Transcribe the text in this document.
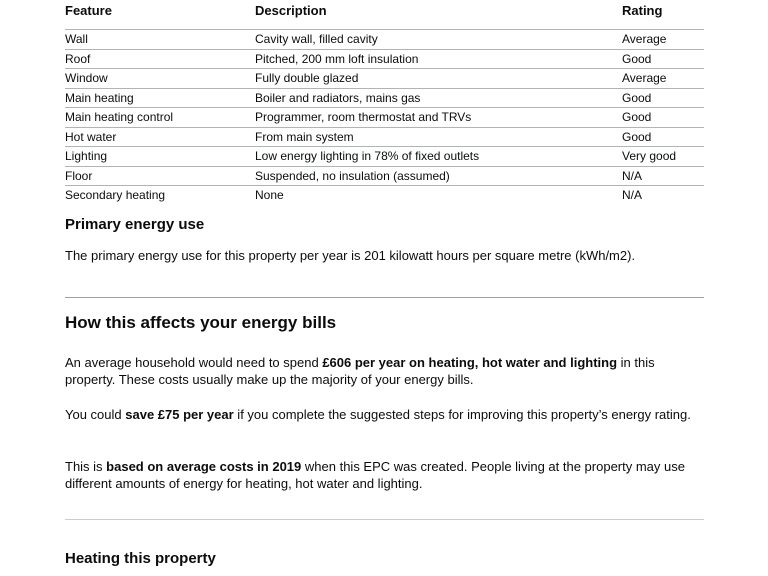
Feature	Description	Rating
Wall	Cavity wall, filled cavity	Average
Roof	Pitched, 200 mm loft insulation	Good
Window	Fully double glazed	Average
Main heating	Boiler and radiators, mains gas	Good
Main heating control	Programmer, room thermostat and TRVs	Good
Hot water	From main system	Good
Lighting	Low energy lighting in 78% of fixed outlets	Very good
Floor	Suspended, no insulation (assumed)	N/A
Secondary heating	None	N/A
Primary energy use

The primary energy use for this property per year is 201 kilowatt hours per square metre (kWh/m2).

How this affects your energy bills

An average household would need to spend £606 per year on heating, hot water and lighting in this property. These costs usually make up the majority of your energy bills.

You could save £75 per year if you complete the suggested steps for improving this property’s energy rating.

This is based on average costs in 2019 when this EPC was created. People living at the property may use different amounts of energy for heating, hot water and lighting.

Heating this property
